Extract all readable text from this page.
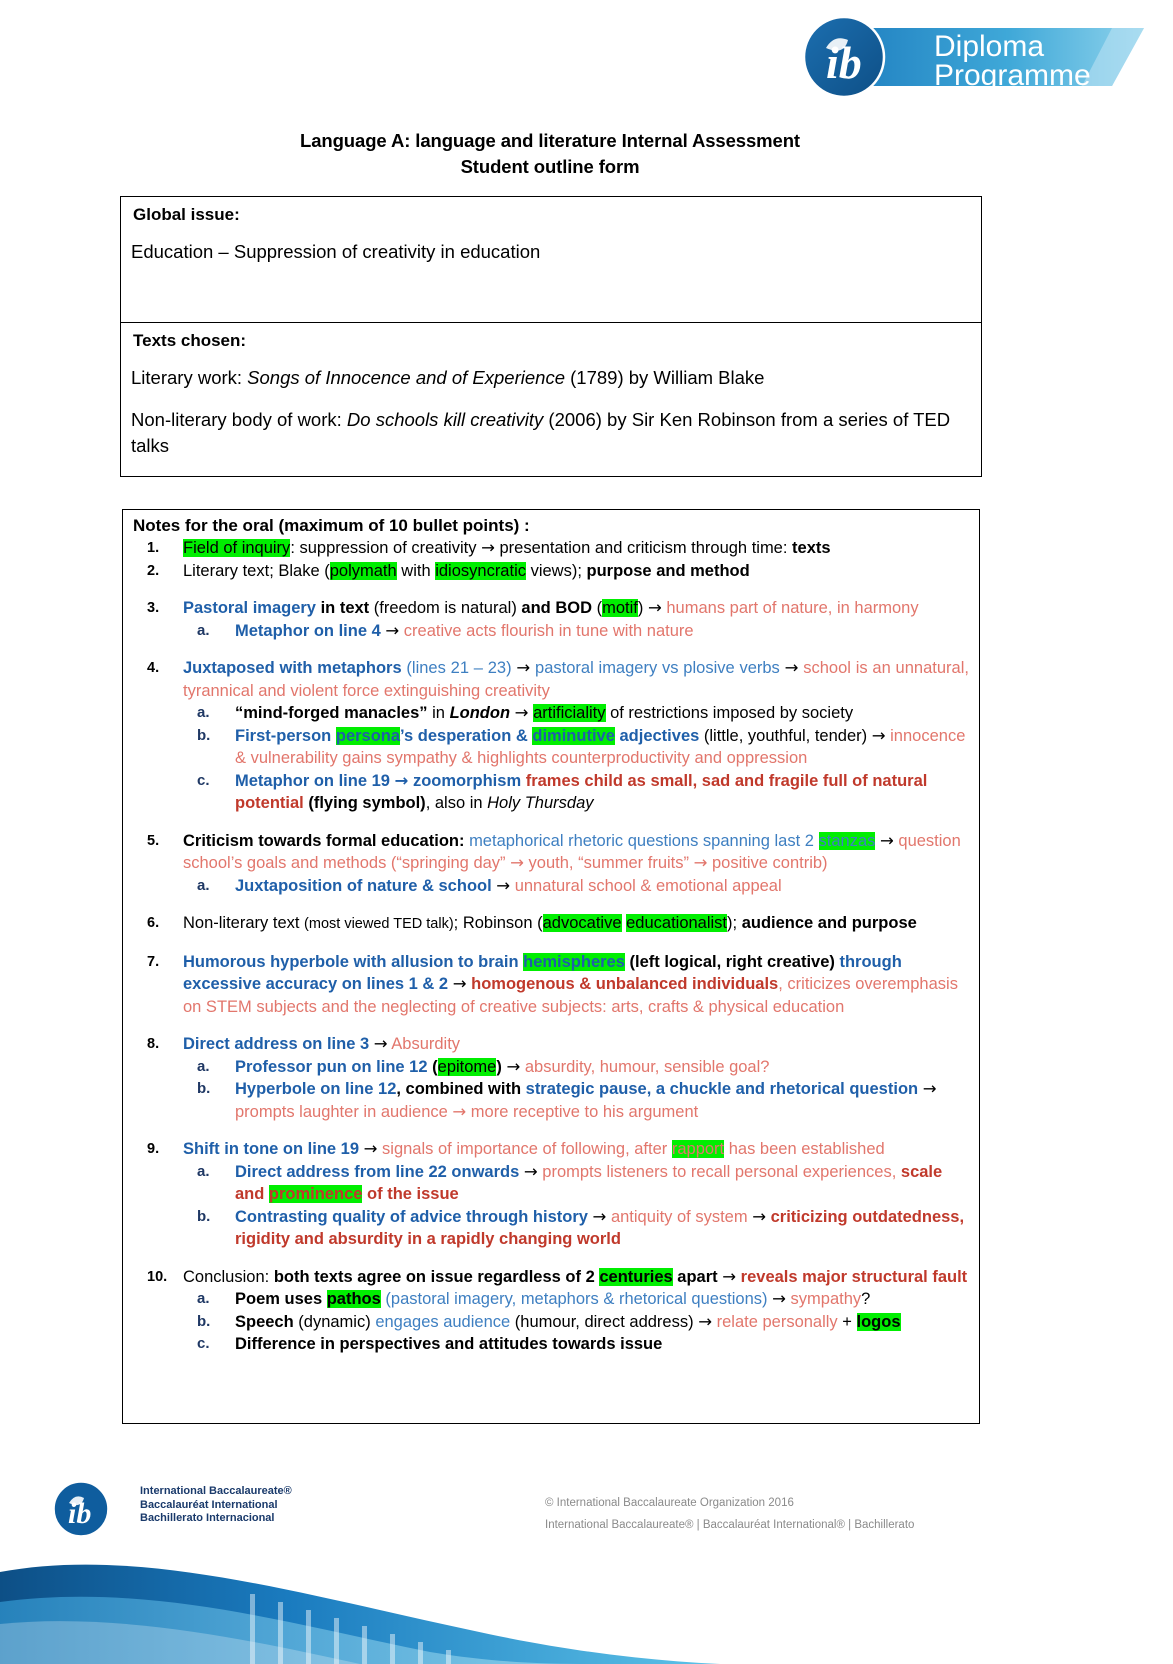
ib Diploma
Programme
Language A: language and literature Internal Assessment
Student outline form
Global issue:
Education – Suppression of creativity in education
Texts chosen:

Literary work: Songs of Innocence and of Experience (1789) by William Blake

Non-literary body of work: Do schools kill creativity (2006) by Sir Ken Robinson from a series of TED talks

Notes for the oral (maximum of 10 bullet points) :
1. Field of inquiry: suppression of creativity → presentation and criticism through time: texts
2. Literary text; Blake (polymath with idiosyncratic views); purpose and method
3. Pastoral imagery in text (freedom is natural) and BOD (motif) → humans part of nature, in harmony
a. Metaphor on line 4 → creative acts flourish in tune with nature
4. Juxtaposed with metaphors (lines 21 – 23) → pastoral imagery vs plosive verbs → school is an unnatural, tyrannical and violent force extinguishing creativity
a. “mind-forged manacles” in London → artificiality of restrictions imposed by society
b. First-person persona’s desperation & diminutive adjectives (little, youthful, tender) → innocence & vulnerability gains sympathy & highlights counterproductivity and oppression
c. Metaphor on line 19 → zoomorphism frames child as small, sad and fragile full of natural potential (flying symbol), also in Holy Thursday
5. Criticism towards formal education: metaphorical rhetoric questions spanning last 2 stanzas → question school’s goals and methods (“springing day” → youth, “summer fruits” → positive contrib)
a. Juxtaposition of nature & school → unnatural school & emotional appeal
6. Non-literary text (most viewed TED talk); Robinson (advocative educationalist); audience and purpose
7. Humorous hyperbole with allusion to brain hemispheres (left logical, right creative) through excessive accuracy on lines 1 & 2 → homogenous & unbalanced individuals, criticizes overemphasis on STEM subjects and the neglecting of creative subjects: arts, crafts & physical education
8. Direct address on line 3 → Absurdity
a. Professor pun on line 12 (epitome) → absurdity, humour, sensible goal?
b. Hyperbole on line 12, combined with strategic pause, a chuckle and rhetorical question → prompts laughter in audience → more receptive to his argument
9. Shift in tone on line 19 → signals of importance of following, after rapport has been established
a. Direct address from line 22 onwards → prompts listeners to recall personal experiences, scale and prominence of the issue
b. Contrasting quality of advice through history → antiquity of system → criticizing outdatedness, rigidity and absurdity in a rapidly changing world
10. Conclusion: both texts agree on issue regardless of 2 centuries apart → reveals major structural fault
a. Poem uses pathos (pastoral imagery, metaphors & rhetorical questions) → sympathy?
b. Speech (dynamic) engages audience (humour, direct address) → relate personally + logos
c. Difference in perspectives and attitudes towards issue
ib
International Baccalaureate®
Baccalauréat International
Bachillerato Internacional
© International Baccalaureate Organization 2016
International Baccalaureate® | Baccalauréat International® | Bachillerato
